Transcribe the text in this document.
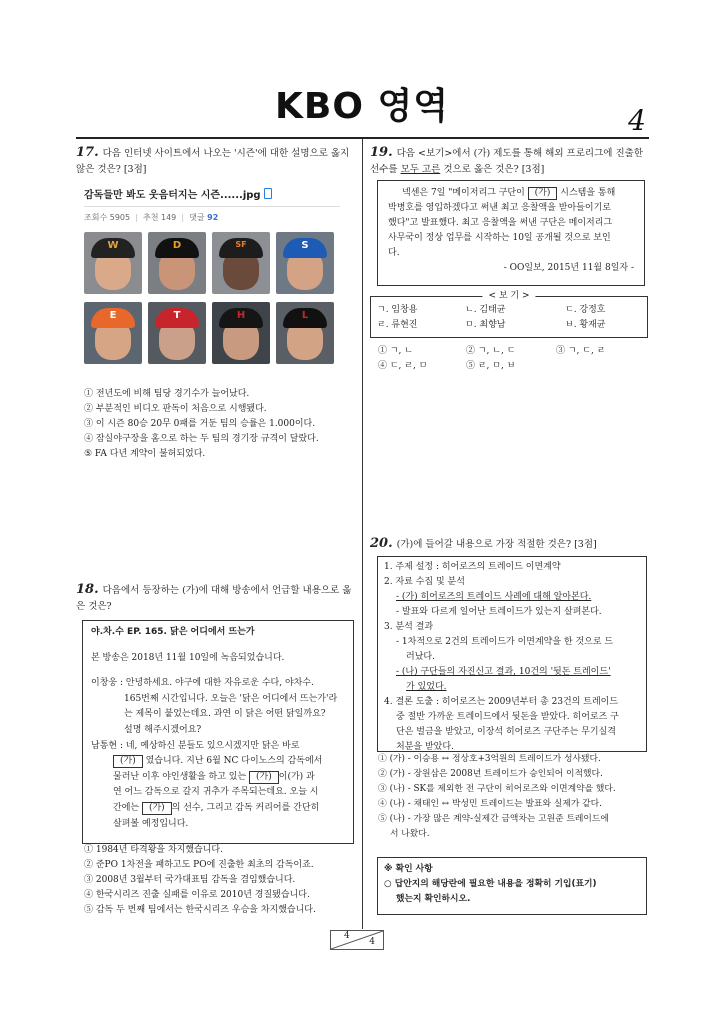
KBO 영역	4
17. 다음 인터넷 사이트에서 나오는 '시즌'에 대한 설명으로 옳지 않은 것은? [3점]
감독들만 봐도 웃음터지는 시즌......jpg
조회수 5905 | 추천 149 | 댓글 92
W	D	SF	S
E	T	H	L
① 전년도에 비해 팀당 경기수가 늘어났다.
② 부분적인 비디오 판독이 처음으로 시행됐다.
③ 이 시즌 80승 20무 0패를 거둔 팀의 승률은 1.000이다.
④ 잠실야구장을 홈으로 하는 두 팀의 경기장 규격이 달랐다.
⑤ FA 다년 계약이 불허되었다.
18. 다음에서 등장하는 (가)에 대해 방송에서 언급할 내용으로 옳은 것은?
야.차.수 EP. 165. 닭은 어디에서 뜨는가
본 방송은 2018년 11월 10일에 녹음되었습니다.
이창웅 : 안녕하세요. 야구에 대한 자유로운 수다, 야차수.
165번째 시간입니다. 오늘은 '닭은 어디에서 뜨는가'라
는 제목이 붙었는데요. 과연 이 닭은 어떤 닭일까요?
설명 해주시겠어요?
남통현 : 네, 예상하신 분들도 있으시겠지만 닭은 바로
(가) 였습니다. 지난 6월 NC 다이노스의 감독에서
물러난 이후 야인생활을 하고 있는 (가) 이(가) 과
연 어느 감독으로 갈지 귀추가 주목되는데요. 오늘 시
간에는 (가) 의 선수, 그리고 감독 커리어를 간단히
살펴볼 예정입니다.
① 1984년 타격왕을 차지했습니다.
② 준PO 1차전을 패하고도 PO에 진출한 최초의 감독이죠.
③ 2008년 3월부터 국가대표팀 감독을 겸임했습니다.
④ 한국시리즈 진출 실패를 이유로 2010년 경질됐습니다.
⑤ 감독 두 번째 팀에서는 한국시리즈 우승을 차지했습니다.
19. 다음 <보기>에서 (가) 제도를 통해 해외 프로리그에 진출한
선수를 모두 고른 것으로 옳은 것은? [3점]
넥센은 7일 "메이저리그 구단이 (가) 시스템을 통해
박병호를 영입하겠다고 써낸 최고 응찰액을 받아들이기로
했다"고 발표했다. 최고 응찰액을 써낸 구단은 메이저리그
사무국이 정상 업무를 시작하는 10일 공개될 것으로 보인
다.
- OO일보, 2015년 11월 8일자 -
< 보 기 >
ㄱ. 임창용	ㄴ. 김태균	ㄷ. 강정호
ㄹ. 류현진	ㅁ. 최향남	ㅂ. 황재균
① ㄱ, ㄴ	② ㄱ, ㄴ, ㄷ	③ ㄱ, ㄷ, ㄹ
④ ㄷ, ㄹ, ㅁ	⑤ ㄹ, ㅁ, ㅂ
20. (가)에 들어갈 내용으로 가장 적절한 것은? [3점]
1. 주제 설정 : 히어로즈의 트레이드 이면계약
2. 자료 수집 및 분석
- (가) 히어로즈의 트레이드 사례에 대해 알아본다.
- 발표와 다르게 일어난 트레이드가 있는지 살펴본다.
3. 분석 결과
- 1차적으로 2건의 트레이드가 이면계약을 한 것으로 드
러났다.
- (나) 구단들의 자진신고 결과, 10건의 '뒷돈 트레이드'
가 있었다.
4. 결론 도출 : 히어로즈는 2009년부터 총 23건의 트레이드
중 절반 가까운 트레이드에서 뒷돈을 받았다. 히어로즈 구
단은 벌금을 받았고, 이장석 히어로즈 구단주는 무기실격
처분을 받았다.
① (가) - 이승용 ↔ 정상호+3억원의 트레이드가 성사됐다.
② (가) - 장원삼은 2008년 트레이드가 승인되어 이적했다.
③ (나) - SK를 제외한 전 구단이 히어로즈와 이면계약을 했다.
④ (나) - 채태인 ↔ 박성민 트레이드는 발표와 실제가 같다.
⑤ (나) - 가장 많은 계약-실제간 금액차는 고원준 트레이드에
서 나왔다.
※ 확인 사항
○ 답안지의 해당란에 필요한 내용을 정확히 기입(표기)
했는지 확인하시오.
4
4
